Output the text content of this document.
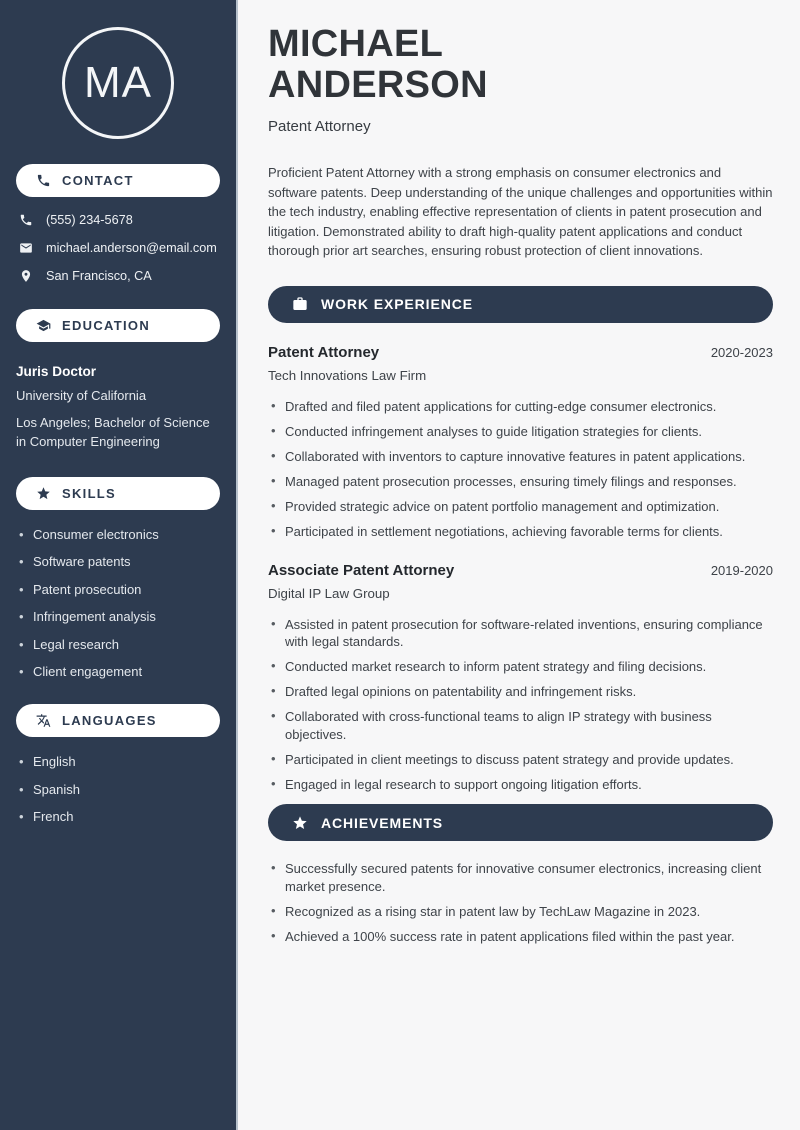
MA
CONTACT
(555) 234-5678
michael.anderson@email.com
San Francisco, CA
EDUCATION
Juris Doctor
University of California
Los Angeles; Bachelor of Science in Computer Engineering
SKILLS
• Consumer electronics
• Software patents
• Patent prosecution
• Infringement analysis
• Legal research
• Client engagement
LANGUAGES
• English
• Spanish
• French
MICHAEL
ANDERSON
Patent Attorney
Proficient Patent Attorney with a strong emphasis on consumer electronics and software patents. Deep understanding of the unique challenges and opportunities within the tech industry, enabling effective representation of clients in patent prosecution and litigation. Demonstrated ability to draft high-quality patent applications and conduct thorough prior art searches, ensuring robust protection of client innovations.
WORK EXPERIENCE
Patent Attorney	2020-2023
Tech Innovations Law Firm
• Drafted and filed patent applications for cutting-edge consumer electronics.
• Conducted infringement analyses to guide litigation strategies for clients.
• Collaborated with inventors to capture innovative features in patent applications.
• Managed patent prosecution processes, ensuring timely filings and responses.
• Provided strategic advice on patent portfolio management and optimization.
• Participated in settlement negotiations, achieving favorable terms for clients.
Associate Patent Attorney	2019-2020
Digital IP Law Group
• Assisted in patent prosecution for software-related inventions, ensuring compliance with legal standards.
• Conducted market research to inform patent strategy and filing decisions.
• Drafted legal opinions on patentability and infringement risks.
• Collaborated with cross-functional teams to align IP strategy with business objectives.
• Participated in client meetings to discuss patent strategy and provide updates.
• Engaged in legal research to support ongoing litigation efforts.
ACHIEVEMENTS
• Successfully secured patents for innovative consumer electronics, increasing client market presence.
• Recognized as a rising star in patent law by TechLaw Magazine in 2023.
• Achieved a 100% success rate in patent applications filed within the past year.
